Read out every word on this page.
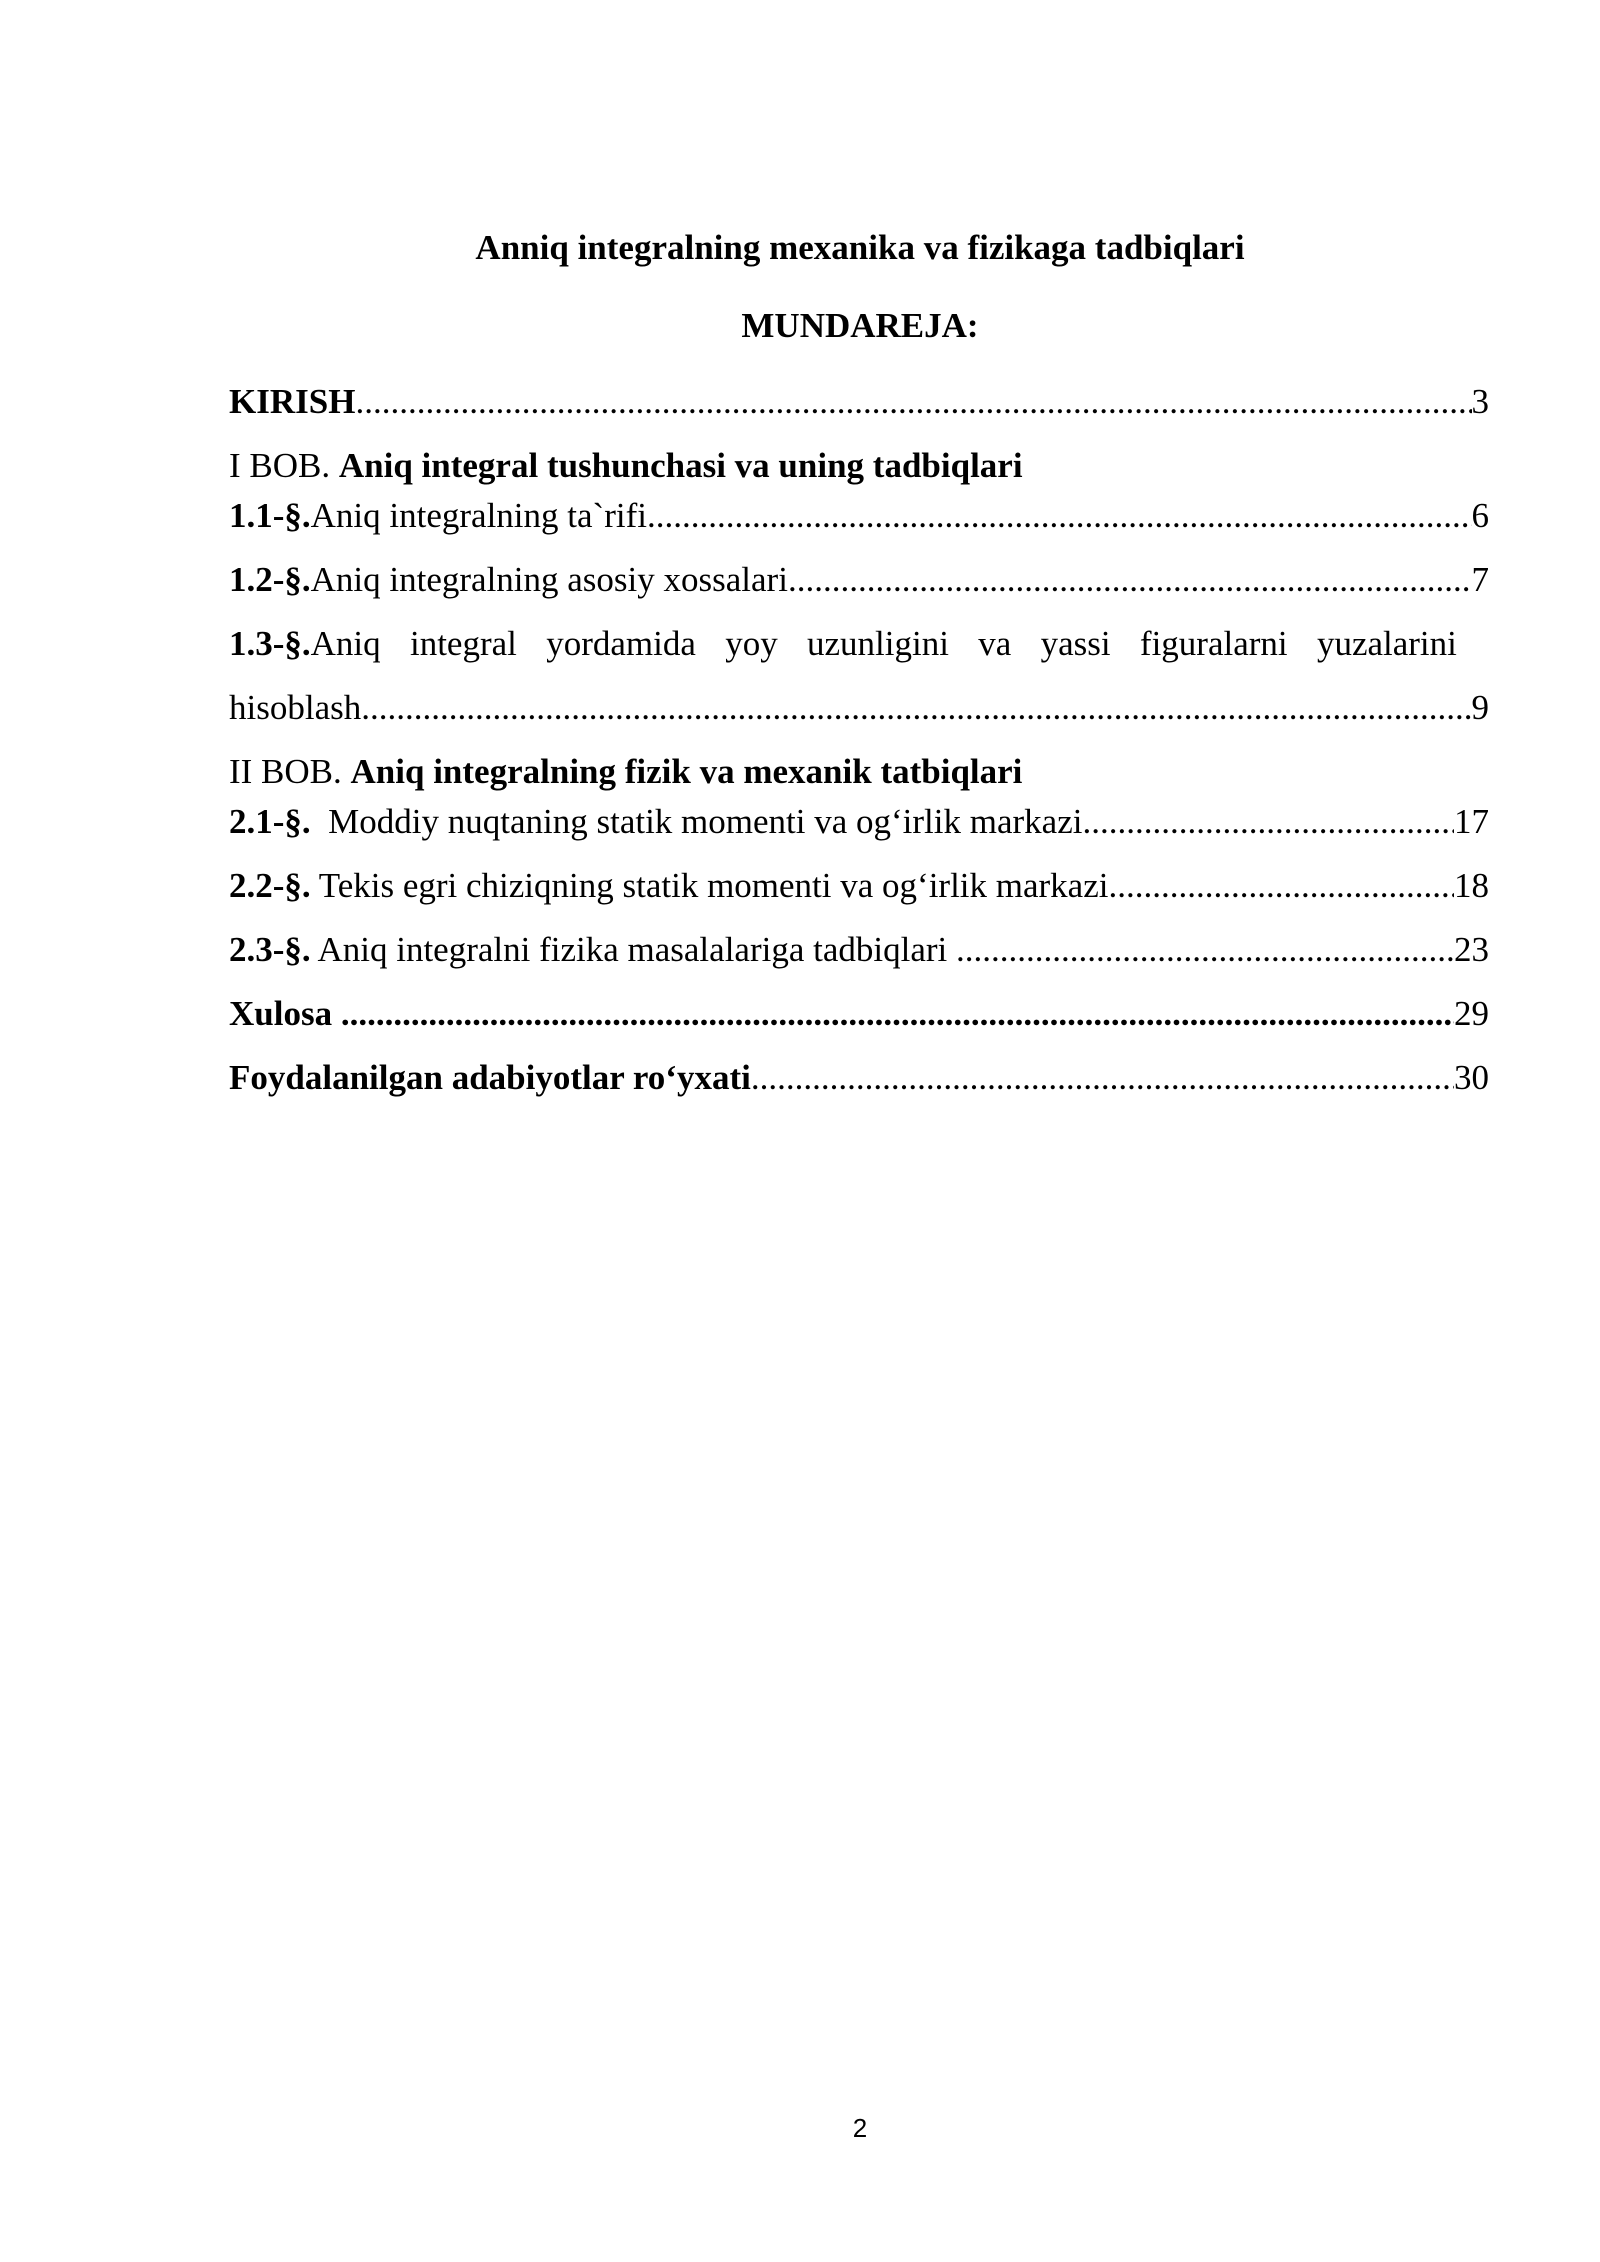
Anniq integralning mexanika va fizikaga tadbiqlari
MUNDAREJA:
KIRISH .....	3
I BOB. Aniq integral tushunchasi va uning tadbiqlari
1.1-§.Aniq integralning ta`rifi .....	6
1.2-§.Aniq integralning asosiy xossalari. .....	7
1.3-§.Aniq integral yordamida yoy uzunligini va yassi figuralarni yuzalarini
hisoblash .....	9
II BOB. Aniq integralning fizik va mexanik tatbiqlari
2.1-§.  Moddiy nuqtaning statik momenti va og‘irlik markazi. .....	17
2.2-§. Tekis egri chiziqning statik momenti va og‘irlik markazi. .....	18
2.3-§. Aniq integralni fizika masalalariga tadbiqlari .....	23
Xulosa .....	29
Foydalanilgan adabiyotlar ro‘yxati .....	30
2
